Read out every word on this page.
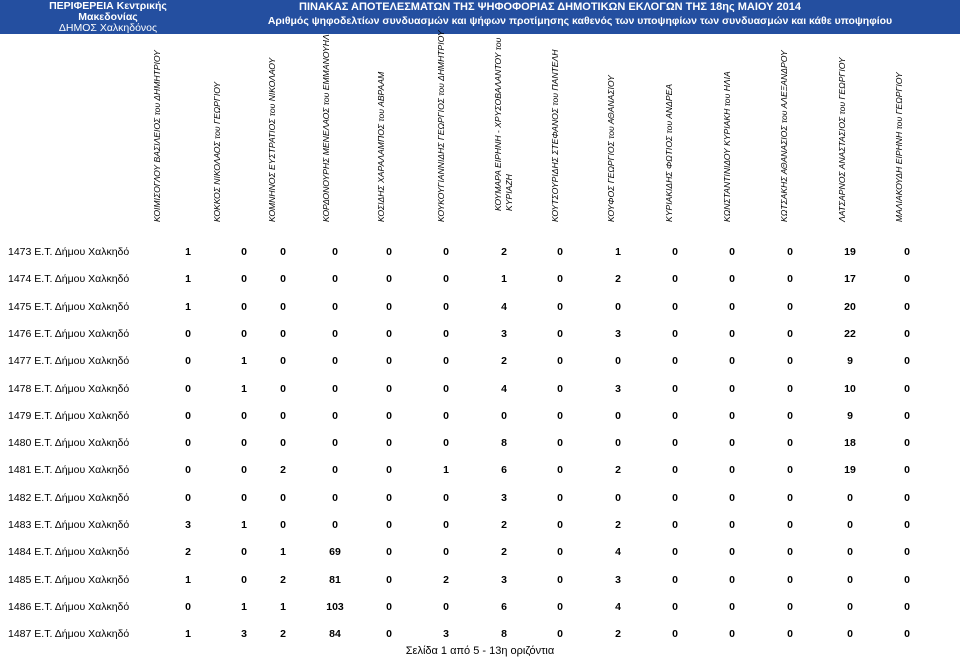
ΠΕΡΙΦΕΡΕΙΑ Κεντρικής Μακεδονίας
ΔΗΜΟΣ Χαλκηδόνος
ΠΡΩΤΟΔΙΚΕΙΟ ΘΕΣΣΑΛΟΝΙΚΗΣ
ΠΙΝΑΚΑΣ ΑΠΟΤΕΛΕΣΜΑΤΩΝ ΤΗΣ ΨΗΦΟΦΟΡΙΑΣ ΔΗΜΟΤΙΚΩΝ ΕΚΛΟΓΩΝ ΤΗΣ 18ης ΜΑΙΟΥ 2014
Αριθμός ψηφοδελτίων συνδυασμών και ψήφων προτίμησης καθενός των υποψηφίων των συνδυασμών και κάθε υποψηφίου
ΚΟΙΜΙΣΟΓΛΟΥ ΒΑΣΙΛΕΙΟΣ του ΔΗΜΗΤΡΙΟΥ	ΚΟΚΚΟΣ ΝΙΚΟΛΑΟΣ του ΓΕΩΡΓΙΟΥ	ΚΟΜΝΗΝΟΣ ΕΥΣΤΡΑΤΙΟΣ του ΝΙΚΟΛΑΟΥ	ΚΟΡΔΟΝΟΥΡΗΣ ΜΕΝΕΛΑΟΣ του ΕΜΜΑΝΟΥΗΛ	ΚΟΣΙΔΗΣ ΧΑΡΑΛΑΜΠΟΣ του ΑΒΡΑΑΜ	ΚΟΥΚΟΥΓΙΑΝΝΙΔΗΣ ΓΕΩΡΓΙΟΣ του ΔΗΜΗΤΡΙΟΥ	ΚΟΥΜΑΡΑ ΕΙΡΗΝΗ - ΧΡΥΣΟΒΑΛΑΝΤΟΥ του ΚΥΡΙΑΖΗ	ΚΟΥΤΣΟΥΡΙΔΗΣ ΣΤΕΦΑΝΟΣ του ΠΑΝΤΕΛΗ	ΚΟΥΦΟΣ ΓΕΩΡΓΙΟΣ του ΑΘΑΝΑΣΙΟΥ	ΚΥΡΙΑΚΙΔΗΣ ΦΩΤΙΟΣ του ΑΝΔΡΕΑ	ΚΩΝΣΤΑΝΤΙΝΙΔΟΥ ΚΥΡΙΑΚΗ του ΗΛΙΑ	ΚΩΤΣΑΚΗΣ ΑΘΑΝΑΣΙΟΣ του ΑΛΕΞΑΝΔΡΟΥ	ΛΑΤΣΑΡΝΟΣ ΑΝΑΣΤΑΣΙΟΣ του ΓΕΩΡΓΙΟΥ	ΜΑΛΙΑΚΟΥΔΗ ΕΙΡΗΝΗ του ΓΕΩΡΓΙΟΥ
1473 Ε.Τ. Δήμου Χαλκηδό	1	0	0	0	0	0	2	0	1	0	0	0	19	0
1474 Ε.Τ. Δήμου Χαλκηδό	1	0	0	0	0	0	1	0	2	0	0	0	17	0
1475 Ε.Τ. Δήμου Χαλκηδό	1	0	0	0	0	0	4	0	0	0	0	0	20	0
1476 Ε.Τ. Δήμου Χαλκηδό	0	0	0	0	0	0	3	0	3	0	0	0	22	0
1477 Ε.Τ. Δήμου Χαλκηδό	0	1	0	0	0	0	2	0	0	0	0	0	9	0
1478 Ε.Τ. Δήμου Χαλκηδό	0	1	0	0	0	0	4	0	3	0	0	0	10	0
1479 Ε.Τ. Δήμου Χαλκηδό	0	0	0	0	0	0	0	0	0	0	0	0	9	0
1480 Ε.Τ. Δήμου Χαλκηδό	0	0	0	0	0	0	8	0	0	0	0	0	18	0
1481 Ε.Τ. Δήμου Χαλκηδό	0	0	2	0	0	1	6	0	2	0	0	0	19	0
1482 Ε.Τ. Δήμου Χαλκηδό	0	0	0	0	0	0	3	0	0	0	0	0	0	0
1483 Ε.Τ. Δήμου Χαλκηδό	3	1	0	0	0	0	2	0	2	0	0	0	0	0
1484 Ε.Τ. Δήμου Χαλκηδό	2	0	1	69	0	0	2	0	4	0	0	0	0	0
1485 Ε.Τ. Δήμου Χαλκηδό	1	0	2	81	0	2	3	0	3	0	0	0	0	0
1486 Ε.Τ. Δήμου Χαλκηδό	0	1	1	103	0	0	6	0	4	0	0	0	0	0
1487 Ε.Τ. Δήμου Χαλκηδό	1	3	2	84	0	3	8	0	2	0	0	0	0	0
Σελίδα 1 από 5 - 13η οριζόντια
